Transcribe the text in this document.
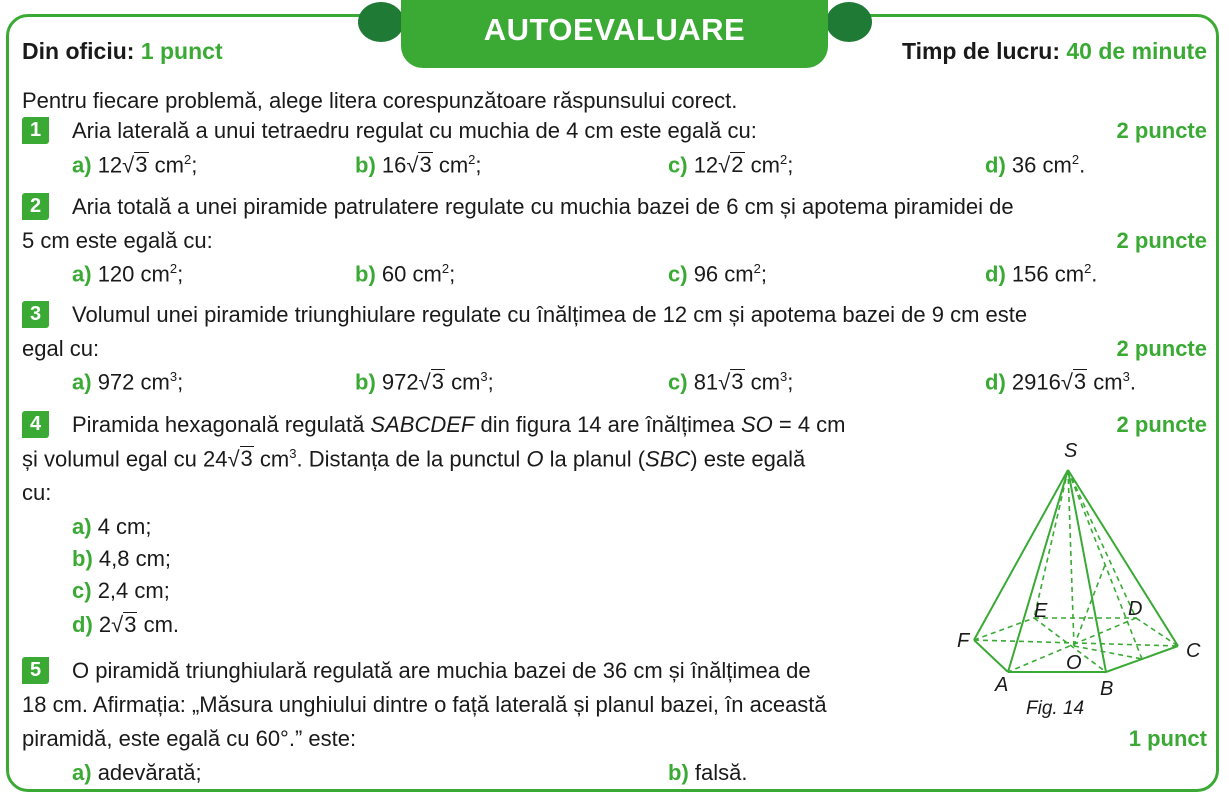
AUTOEVALUARE
Din oficiu: 1 punct	Timp de lucru: 40 de minute
Pentru fiecare problemă, alege litera corespunzătoare răspunsului corect.
1	Aria laterală a unui tetraedru regulat cu muchia de 4 cm este egală cu:	2 puncte
a) 12√3 $cm^2$;	b) 16√3 $cm^2$;	c) 12√2 $cm^2$;	d) 36 $cm^2$.
2	Aria totală a unei piramide patrulatere regulate cu muchia bazei de 6 cm și apotema piramidei de
5 cm este egală cu:	2 puncte
a) 120 $cm^2$;	b) 60 $cm^2$;	c) 96 $cm^2$;	d) 156 $cm^2$.
3	Volumul unei piramide triunghiulare regulate cu înălțimea de 12 cm și apotema bazei de 9 cm este
egal cu:	2 puncte
a) 972 $cm^3$;	b) 972√3 $cm^3$;	c) 81√3 $cm^3$;	d) 2916√3 $cm^3$.
4	Piramida hexagonală regulată SABCDEF din figura 14 are înălțimea SO = 4 cm	2 puncte
și volumul egal cu 24√3 $cm^3$. Distanța de la punctul O la planul (SBC) este egală
cu:
a) 4 cm;
b) 4,8 cm;
c) 2,4 cm;
d) 2√3 cm.
S
F
A	B
C
D
E
O
Fig. 14
5	O piramidă triunghiulară regulată are muchia bazei de 36 cm și înălțimea de
18 cm. Afirmația: „Măsura unghiului dintre o față laterală și planul bazei, în această
piramidă, este egală cu 60°.” este:	1 punct
a) adevărată;	b) falsă.
